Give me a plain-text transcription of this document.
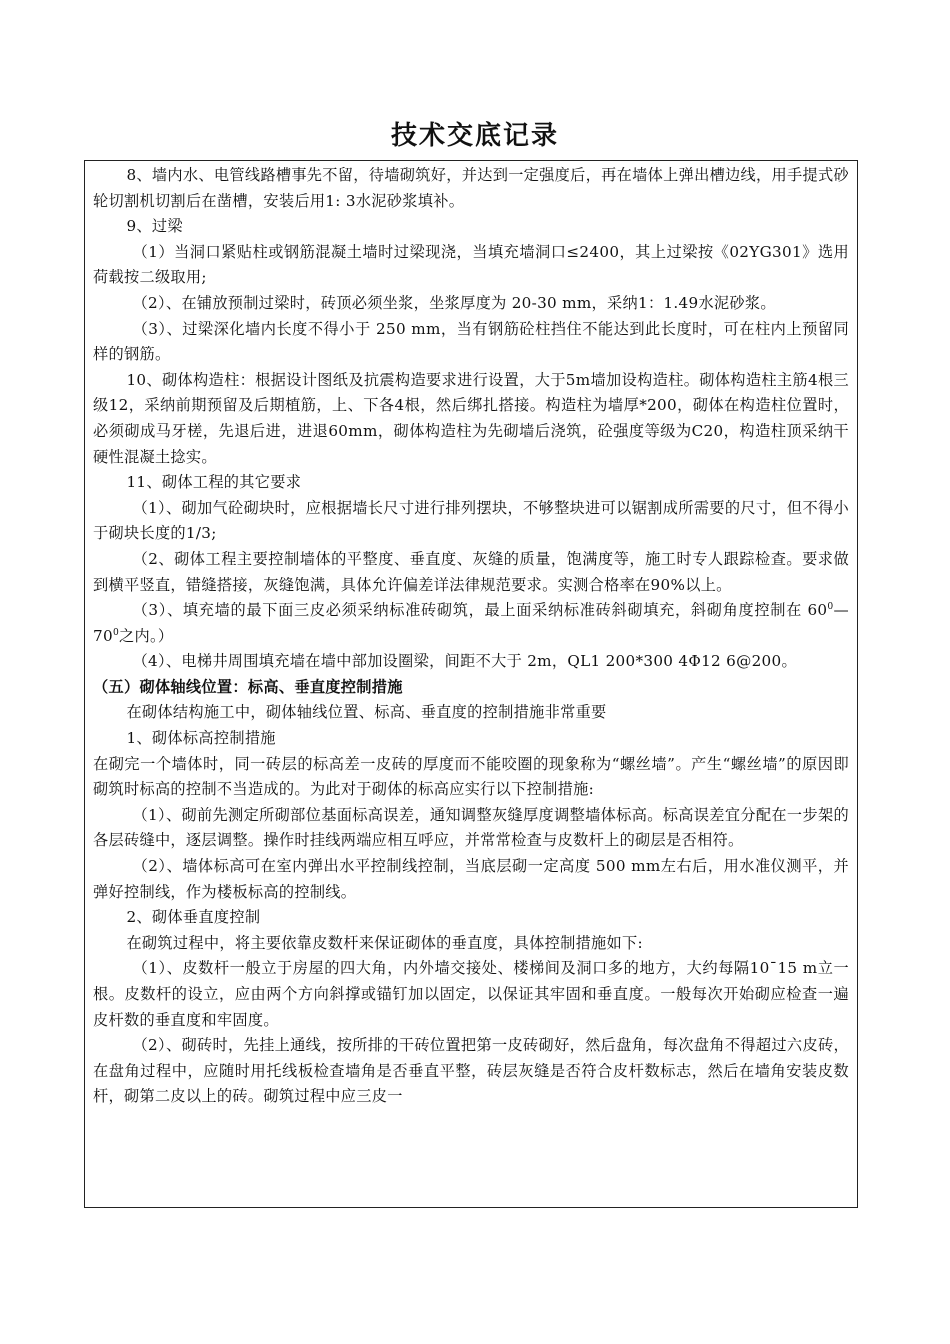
技术交底记录

8、墙内水、电管线路槽事先不留，待墙砌筑好，并达到一定强度后，再在墙体上弹出槽边线，用手提式砂轮切割机切割后在凿槽，安装后用1: 3水泥砂浆填补。

9、过梁

（1）当洞口紧贴柱或钢筋混凝土墙时过梁现浇，当填充墙洞口≤2400，其上过梁按《02YG301》选用荷载按二级取用;

（2）、在铺放预制过梁时，砖顶必须坐浆，坐浆厚度为 20-30 mm，采纳1：1.49水泥砂浆。

（3）、过梁深化墙内长度不得小于 250 mm，当有钢筋砼柱挡住不能达到此长度时，可在柱内上预留同样的钢筋。

10、砌体构造柱：根据设计图纸及抗震构造要求进行设置，大于5m墙加设构造柱。砌体构造柱主筋4根三级12，采纳前期预留及后期植筋，上、下各4根，然后绑扎搭接。构造柱为墙厚*200，砌体在构造柱位置时，必须砌成马牙槎，先退后进，进退60mm，砌体构造柱为先砌墙后浇筑，砼强度等级为C20，构造柱顶采纳干硬性混凝土捻实。

11、砌体工程的其它要求

（1）、砌加气砼砌块时，应根据墙长尺寸进行排列摆块，不够整块进可以锯割成所需要的尺寸，但不得小于砌块长度的1/3;

（2、砌体工程主要控制墙体的平整度、垂直度、灰缝的质量，饱满度等，施工时专人跟踪检查。要求做到横平竖直，错缝搭接，灰缝饱满，具体允许偏差详法律规范要求。实测合格率在90%以上。

（3）、填充墙的最下面三皮必须采纳标准砖砌筑，最上面采纳标准砖斜砌填充，斜砌角度控制在 $60^0—70^0$之内。）

（4）、电梯井周围填充墙在墙中部加设圈梁，间距不大于 2m，QL1 200*300 4Φ12 6@200。

（五）砌体轴线位置：标高、垂直度控制措施

在砌体结构施工中，砌体轴线位置、标高、垂直度的控制措施非常重要

1、砌体标高控制措施

在砌完一个墙体时，同一砖层的标高差一皮砖的厚度而不能咬圈的现象称为“螺丝墙”。产生“螺丝墙”的原因即砌筑时标高的控制不当造成的。为此对于砌体的标高应实行以下控制措施:

（1）、砌前先测定所砌部位基面标高误差，通知调整灰缝厚度调整墙体标高。标高误差宜分配在一步架的各层砖缝中，逐层调整。操作时挂线两端应相互呼应，并常常检查与皮数杆上的砌层是否相符。

（2）、墙体标高可在室内弹出水平控制线控制，当底层砌一定高度 500 mm左右后，用水准仪测平，并弹好控制线，作为楼板标高的控制线。

2、砌体垂直度控制

在砌筑过程中，将主要依靠皮数杆来保证砌体的垂直度，具体控制措施如下:

（1）、皮数杆一般立于房屋的四大角，内外墙交接处、楼梯间及洞口多的地方，大约每隔10¯15 m立一根。皮数杆的设立，应由两个方向斜撑或锚钉加以固定，以保证其牢固和垂直度。一般每次开始砌应检查一遍皮杆数的垂直度和牢固度。

（2）、砌砖时，先挂上通线，按所排的干砖位置把第一皮砖砌好，然后盘角，每次盘角不得超过六皮砖，在盘角过程中，应随时用托线板检查墙角是否垂直平整，砖层灰缝是否符合皮杆数标志，然后在墙角安装皮数杆，砌第二皮以上的砖。砌筑过程中应三皮一
